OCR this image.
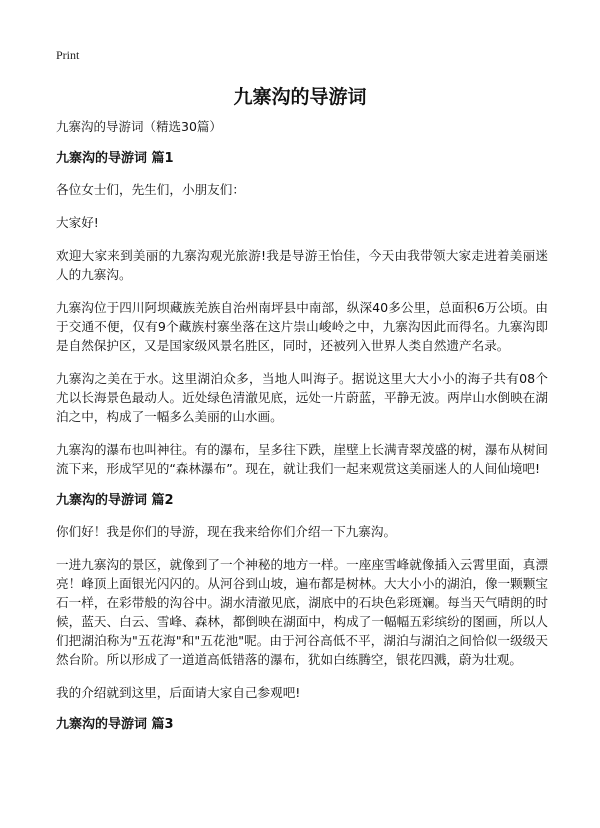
Print
九寨沟的导游词
九寨沟的导游词（精选30篇）
九寨沟的导游词 篇1

各位女士们，先生们，小朋友们：

大家好!

欢迎大家来到美丽的九寨沟观光旅游!我是导游王怡佳，今天由我带领大家走进着美丽迷人的九寨沟。

九寨沟位于四川阿坝藏族羌族自治州南坪县中南部，纵深40多公里，总面积6万公顷。由于交通不便，仅有9个藏族村寨坐落在这片崇山峻岭之中，九寨沟因此而得名。九寨沟即是自然保护区，又是国家级风景名胜区，同时，还被列入世界人类自然遗产名录。

九寨沟之美在于水。这里湖泊众多，当地人叫海子。据说这里大大小小的海子共有08个尤以长海景色最动人。近处绿色清澈见底，远处一片蔚蓝，平静无波。两岸山水倒映在湖泊之中，构成了一幅多么美丽的山水画。

九寨沟的瀑布也叫神往。有的瀑布，呈多往下跌，崖壁上长满青翠茂盛的树，瀑布从树间流下来，形成罕见的“森林瀑布”。现在，就让我们一起来观赏这美丽迷人的人间仙境吧!

九寨沟的导游词 篇2

你们好！我是你们的导游，现在我来给你们介绍一下九寨沟。

一进九寨沟的景区，就像到了一个神秘的地方一样。一座座雪峰就像插入云霄里面，真漂亮！峰顶上面银光闪闪的。从河谷到山坡，遍布都是树林。大大小小的湖泊，像一颗颗宝石一样，在彩带般的沟谷中。湖水清澈见底，湖底中的石块色彩斑斓。每当天气晴朗的时候，蓝天、白云、雪峰、森林，都倒映在湖面中，构成了一幅幅五彩缤纷的图画，所以人们把湖泊称为"五花海"和"五花池"呢。由于河谷高低不平，湖泊与湖泊之间恰似一级级天然台阶。所以形成了一道道高低错落的瀑布，犹如白练腾空，银花四溅，蔚为壮观。

我的介绍就到这里，后面请大家自己参观吧!

九寨沟的导游词 篇3
